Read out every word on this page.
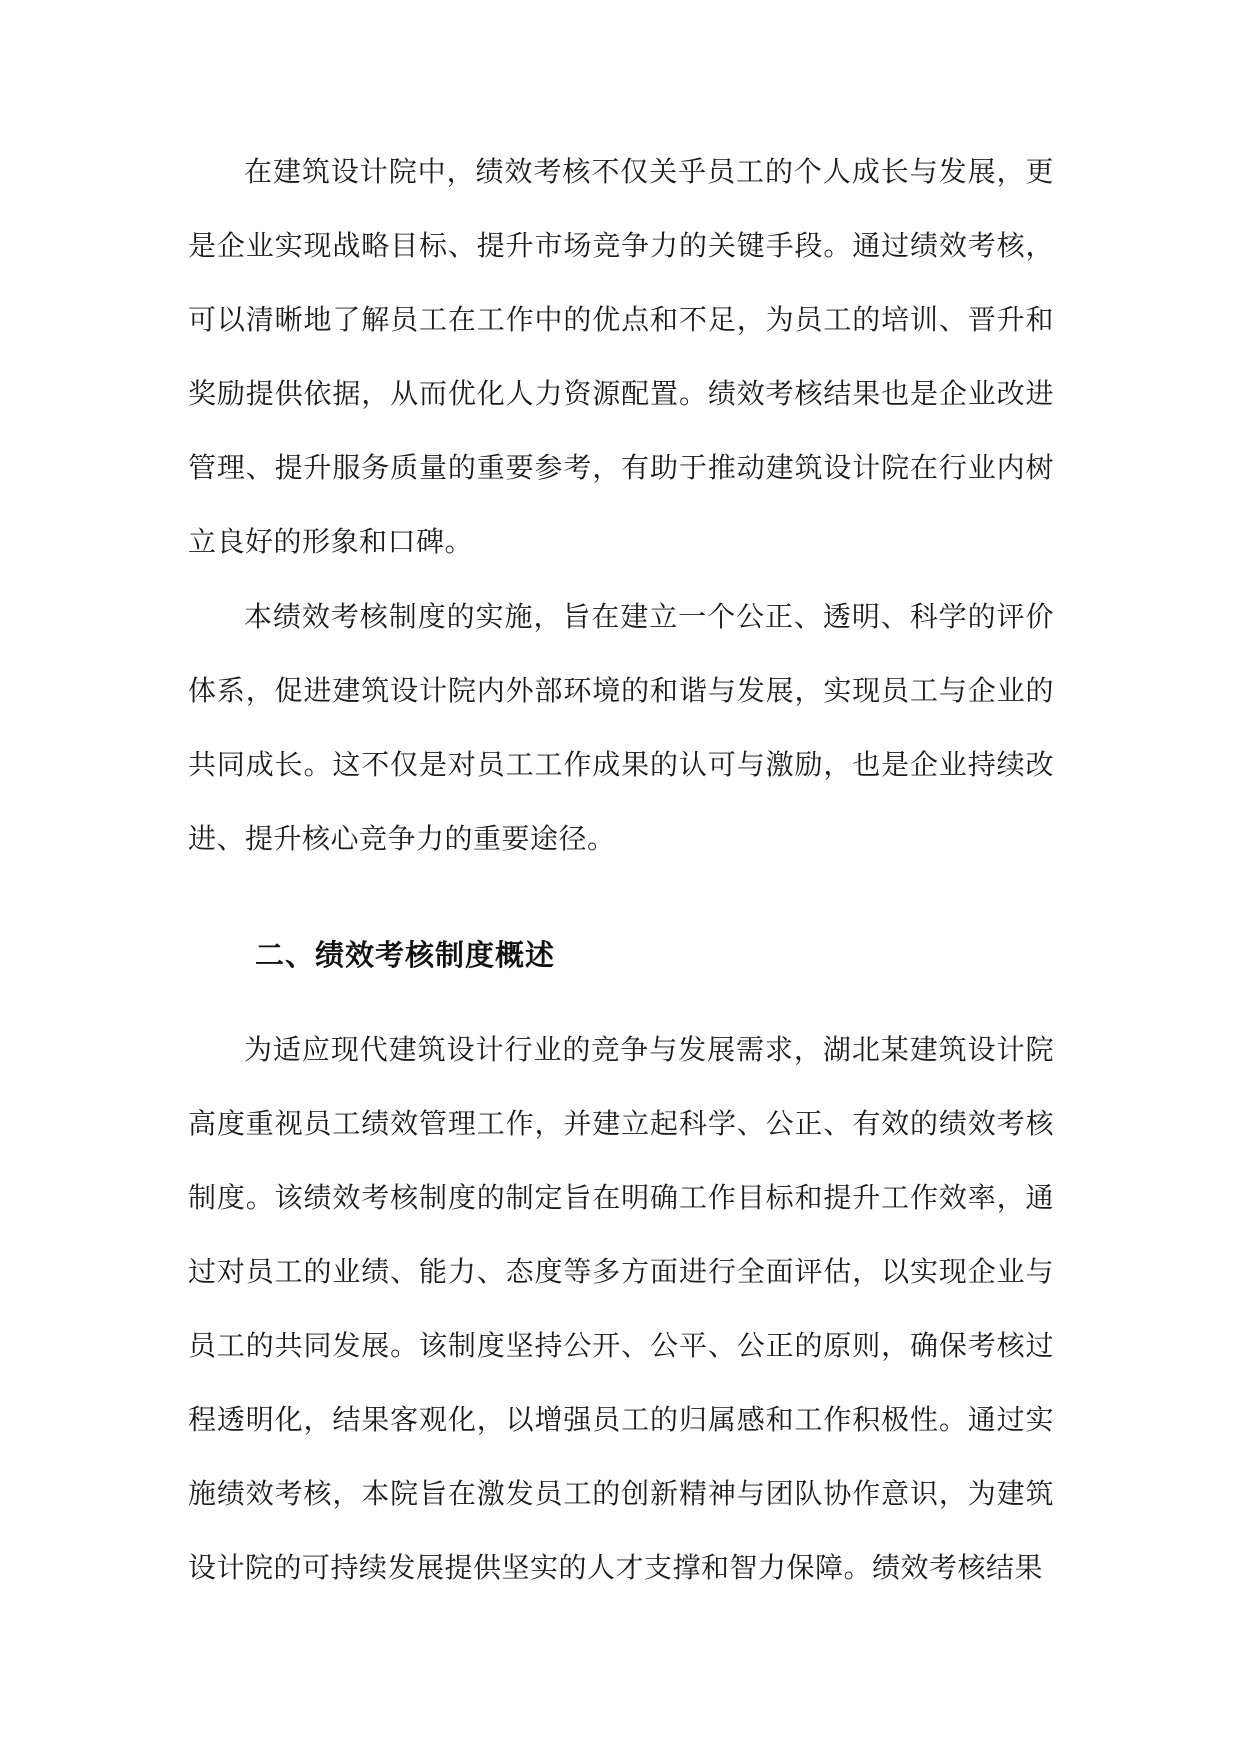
在建筑设计院中，绩效考核不仅关乎员工的个人成长与发展，更是企业实现战略目标、提升市场竞争力的关键手段。通过绩效考核，可以清晰地了解员工在工作中的优点和不足，为员工的培训、晋升和奖励提供依据，从而优化人力资源配置。绩效考核结果也是企业改进管理、提升服务质量的重要参考，有助于推动建筑设计院在行业内树立良好的形象和口碑。

本绩效考核制度的实施，旨在建立一个公正、透明、科学的评价体系，促进建筑设计院内外部环境的和谐与发展，实现员工与企业的共同成长。这不仅是对员工工作成果的认可与激励，也是企业持续改进、提升核心竞争力的重要途径。

二、绩效考核制度概述

为适应现代建筑设计行业的竞争与发展需求，湖北某建筑设计院高度重视员工绩效管理工作，并建立起科学、公正、有效的绩效考核制度。该绩效考核制度的制定旨在明确工作目标和提升工作效率，通过对员工的业绩、能力、态度等多方面进行全面评估，以实现企业与员工的共同发展。该制度坚持公开、公平、公正的原则，确保考核过程透明化，结果客观化，以增强员工的归属感和工作积极性。通过实施绩效考核，本院旨在激发员工的创新精神与团队协作意识，为建筑设计院的可持续发展提供坚实的人才支撑和智力保障。绩效考核结果
